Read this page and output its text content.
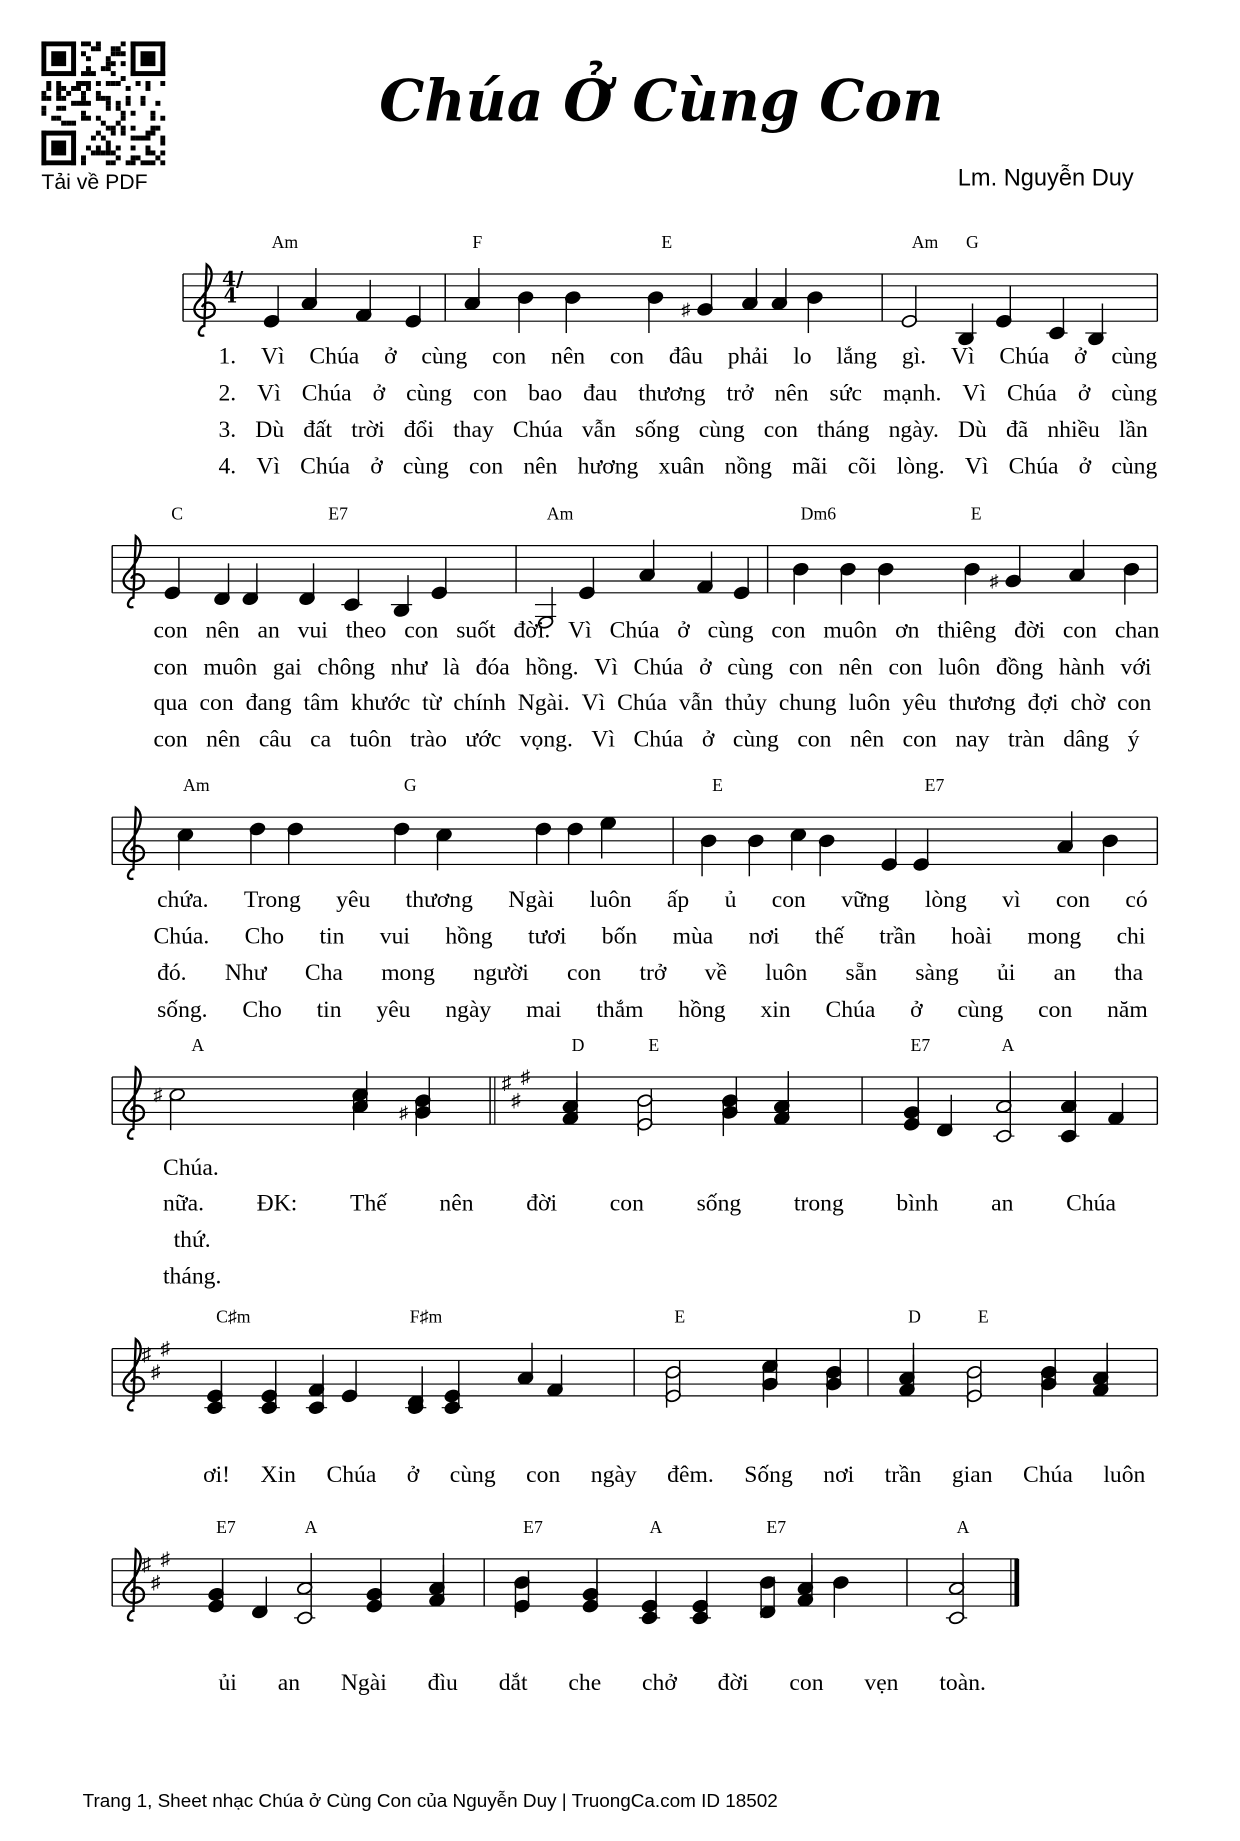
Tải về PDF
Chúa Ở Cùng Con
Lm. Nguyễn Duy
♯
♯
♯
♯
♯
♯
♯
♯
♯
♯
♯
♯
♯
4/4
Am	F	E	Am G
C	E7	Am	Dm6	E
Am	G	E	E7
A	D	E	E7	A
C♯m	F♯m	E	D	E
E7	A	E7	A	E7	A
1. Vì Chúa ở cùng con nên con đâu phải lo lắng gì. Vì Chúa ở cùng
2. Vì Chúa ở cùng con bao đau thương trở nên sức mạnh. Vì Chúa ở cùng
3. Dù đất trời đổi thay Chúa vẫn sống cùng con tháng ngày. Dù đã nhiều lần
4. Vì Chúa ở cùng con nên hương xuân nồng mãi cõi lòng. Vì Chúa ở cùng
con nên an vui theo con suốt đời. Vì Chúa ở cùng con muôn ơn thiêng đời con chan
con muôn gai chông như là đóa hồng. Vì Chúa ở cùng con nên con luôn đồng hành với
qua con đang tâm khước từ chính Ngài. Vì Chúa vẫn thủy chung luôn yêu thương đợi chờ con
con nên câu ca tuôn trào ước vọng. Vì Chúa ở cùng con nên con nay tràn dâng ý
chứa. Trong yêu thương Ngài luôn ấp ủ con vững lòng vì con có
Chúa. Cho tin vui hồng tươi bốn mùa nơi thế trần hoài mong chi
đó. Như Cha mong người con trở về luôn sẵn sàng ủi an tha
sống. Cho tin yêu ngày mai thắm hồng xin Chúa ở cùng con năm
Chúa.
nữa.	ĐK:	Thế	nên	đời	con	sống	trong	bình	an	Chúa
thứ.
tháng.
ơi! Xin Chúa ở cùng con ngày đêm. Sống nơi trần gian Chúa luôn
ủi an Ngài đìu dắt che chở đời con vẹn toàn.
Trang 1, Sheet nhạc Chúa ở Cùng Con của Nguyễn Duy | TruongCa.com ID 18502
